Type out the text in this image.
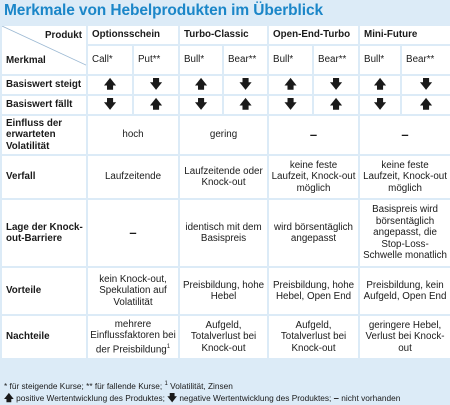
Merkmale von Hebelprodukten im Überblick
Produkt
Merkmal	Optionsschein		Turbo-Classic		Open-End-Turbo		Mini-Future	
	Call*	Put**	Bull*	Bear**	Bull*	Bear**	Bull*	Bear**
Basiswert steigt	🡅	🡇	🡅	🡇	🡅	🡇	🡅	🡇
Basiswert fällt	🡇	🡅	🡇	🡅	🡇	🡅	🡇	🡅
Einfluss der erwarteten Volatilität	hoch		gering		–		–	
Verfall	Laufzeitende		Laufzeitende oder Knock-out		keine feste Laufzeit, Knock-out möglich		keine feste Laufzeit, Knock-out möglich	
Lage der Knock-out-Barriere	–		identisch mit dem Basispreis		wird börsentäglich angepasst		Basispreis wird börsentäglich angepasst, die Stop-Loss-Schwelle monatlich	
Vorteile	kein Knock-out, Spekulation auf Volatilität		Preisbildung, hohe Hebel		Preisbildung, hohe Hebel, Open End		Preisbildung, kein Aufgeld, Open End	
Nachteile	mehrere Einflussfaktoren bei der Preisbildung$^1$		Aufgeld, Totalverlust bei Knock-out		Aufgeld, Totalverlust bei Knock-out		geringere Hebel, Verlust bei Knock-out	
* für steigende Kurse; ** für fallende Kurse; $^1$ Volatilität, Zinsen
🡅 positive Wertentwicklung des Produktes; 🡇 negative Wertentwicklung des Produktes; – nicht vorhanden
